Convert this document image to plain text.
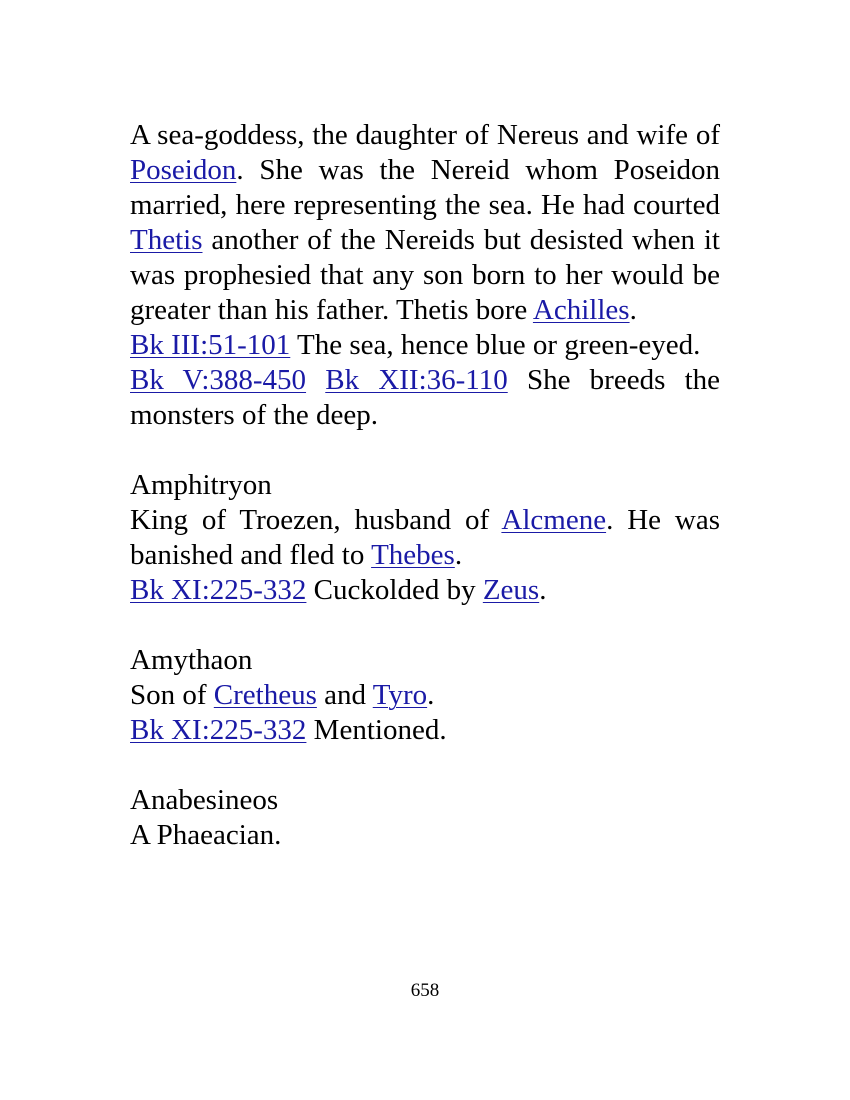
A sea-goddess, the daughter of Nereus and wife of Poseidon. She was the Nereid whom Poseidon married, here representing the sea. He had courted Thetis another of the Nereids but desisted when it was prophesied that any son born to her would be greater than his father. Thetis bore Achilles.

Bk III:51-101 The sea, hence blue or green-eyed.

Bk V:388-450 Bk XII:36-110 She breeds the monsters of the deep.

Amphitryon

King of Troezen, husband of Alcmene. He was banished and fled to Thebes.

Bk XI:225-332 Cuckolded by Zeus.

Amythaon

Son of Cretheus and Tyro.

Bk XI:225-332 Mentioned.

Anabesineos

A Phaeacian.

658
